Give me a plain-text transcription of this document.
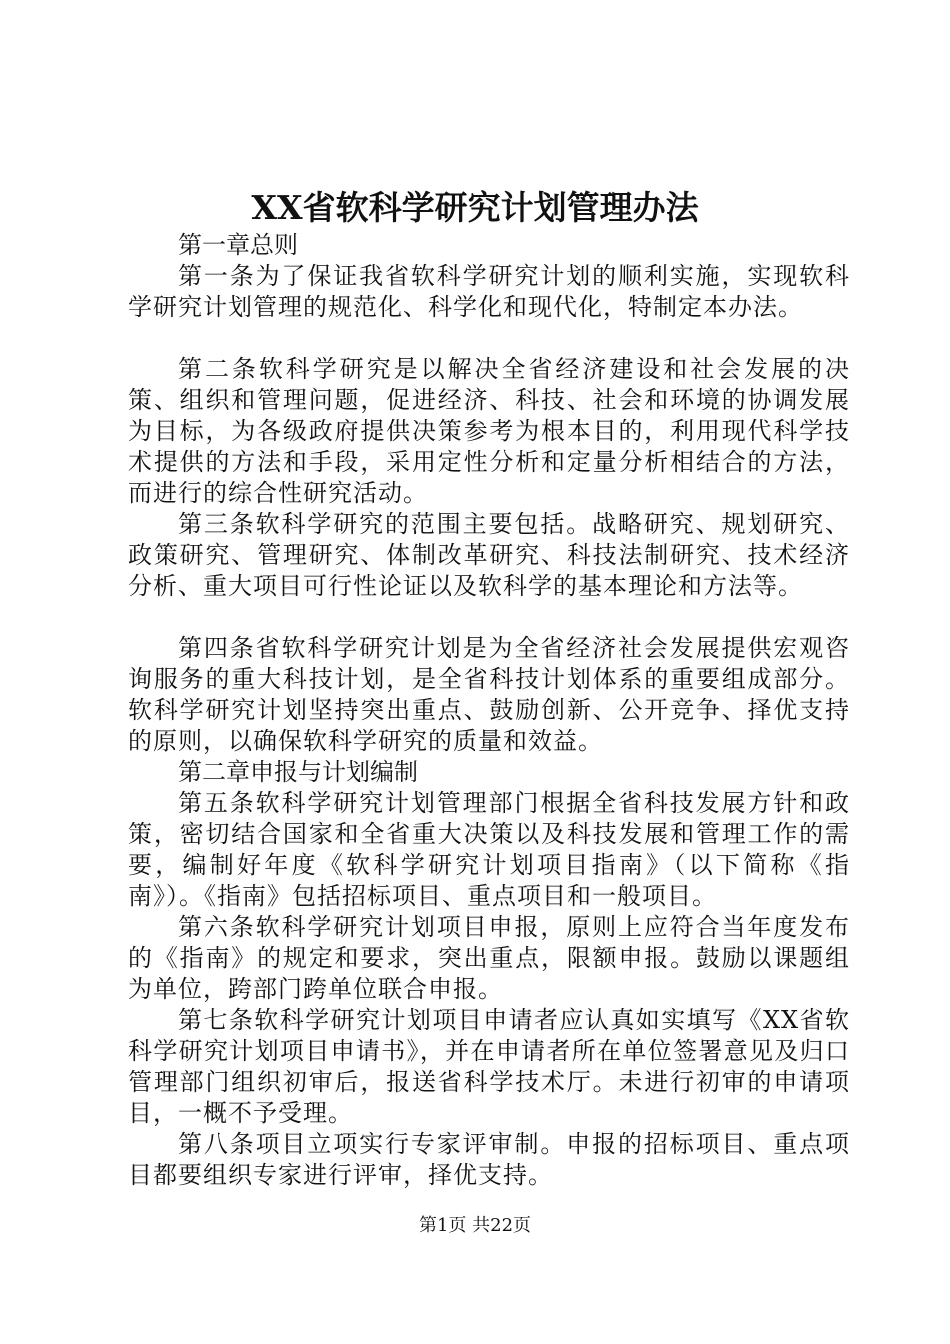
XX省软科学研究计划管理办法

第一章总则

第一条为了保证我省软科学研究计划的顺利实施，实现软科学研究计划管理的规范化、科学化和现代化，特制定本办法。

第二条软科学研究是以解决全省经济建设和社会发展的决策、组织和管理问题，促进经济、科技、社会和环境的协调发展为目标，为各级政府提供决策参考为根本目的，利用现代科学技术提供的方法和手段，采用定性分析和定量分析相结合的方法，而进行的综合性研究活动。

第三条软科学研究的范围主要包括。战略研究、规划研究、政策研究、管理研究、体制改革研究、科技法制研究、技术经济分析、重大项目可行性论证以及软科学的基本理论和方法等。

第四条省软科学研究计划是为全省经济社会发展提供宏观咨询服务的重大科技计划，是全省科技计划体系的重要组成部分。软科学研究计划坚持突出重点、鼓励创新、公开竞争、择优支持的原则，以确保软科学研究的质量和效益。

第二章申报与计划编制

第五条软科学研究计划管理部门根据全省科技发展方针和政策，密切结合国家和全省重大决策以及科技发展和管理工作的需要，编制好年度《软科学研究计划项目指南》（以下简称《指南》）。《指南》包括招标项目、重点项目和一般项目。

第六条软科学研究计划项目申报，原则上应符合当年度发布的《指南》的规定和要求，突出重点，限额申报。鼓励以课题组为单位，跨部门跨单位联合申报。

第七条软科学研究计划项目申请者应认真如实填写《XX省软科学研究计划项目申请书》，并在申请者所在单位签署意见及归口管理部门组织初审后，报送省科学技术厅。未进行初审的申请项目，一概不予受理。

第八条项目立项实行专家评审制。申报的招标项目、重点项目都要组织专家进行评审，择优支持。

第1页 共22页
